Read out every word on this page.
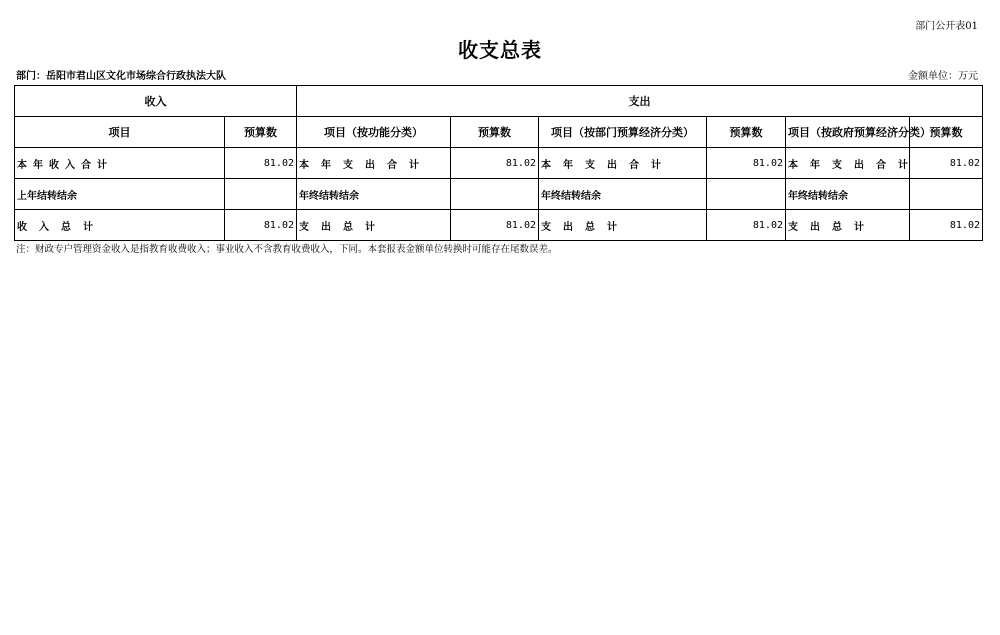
部门公开表01
收支总表
部门：岳阳市君山区文化市场综合行政执法大队	金额单位：万元
收入		支出					
项目	预算数	项目（按功能分类）	预算数	项目（按部门预算经济分类）	预算数	项目（按政府预算经济分类）	预算数
本年收入合计	81.02	本年支出合计	81.02	本年支出合计	81.02	本年支出合计	81.02
上年结转结余		年终结转结余		年终结转结余		年终结转结余	
收入总计	81.02	支出总计	81.02	支出总计	81.02	支出总计	81.02
注：财政专户管理资金收入是指教育收费收入；事业收入不含教育收费收入，下同。本套报表金额单位转换时可能存在尾数误差。
